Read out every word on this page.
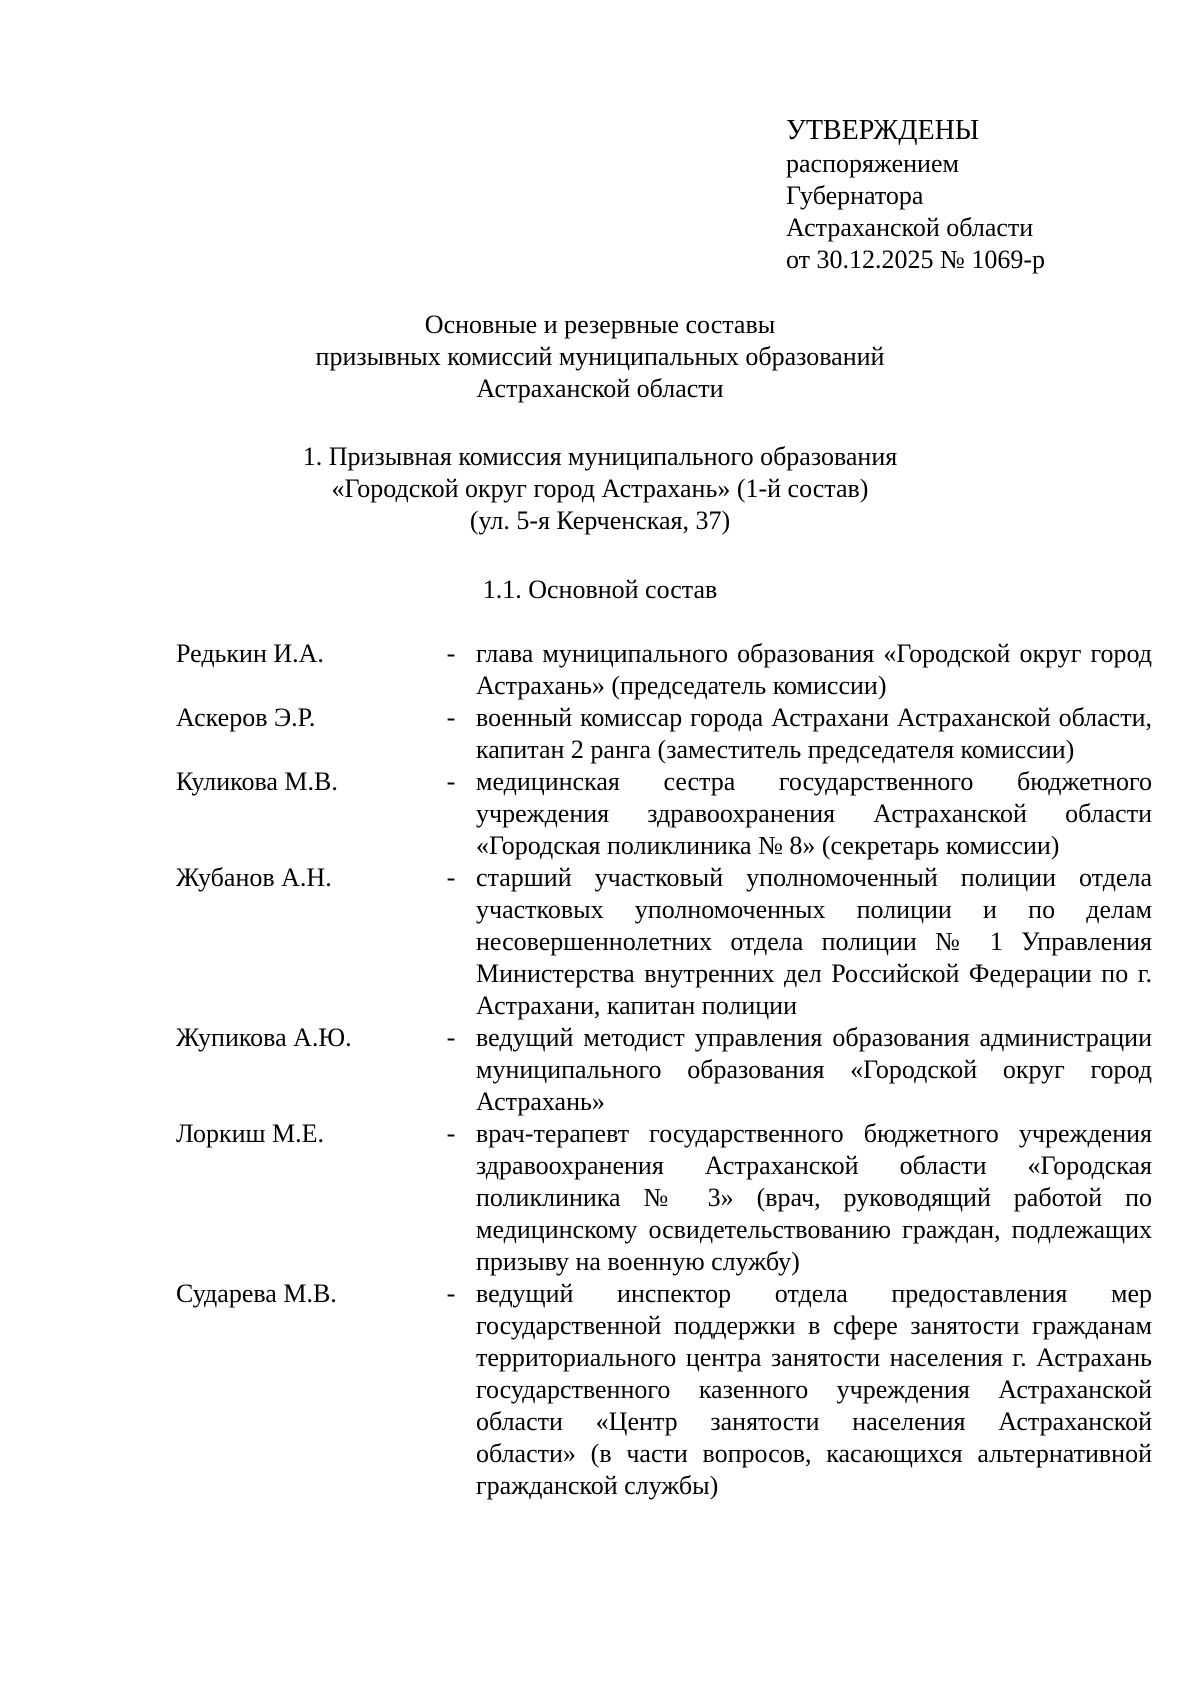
УТВЕРЖДЕНЫ
распоряжением
Губернатора
Астраханской области
от 30.12.2025 № 1069-р
Основные и резервные составы
призывных комиссий муниципальных образований
Астраханской области
1. Призывная комиссия муниципального образования
«Городской округ город Астрахань» (1-й состав)
(ул. 5-я Керченская, 37)
1.1. Основной состав
Редькин И.А.	- глава муниципального образования «Городской округ город Астрахань» (председатель комиссии)
Аскеров Э.Р.	- военный комиссар города Астрахани Астраханской области, капитан 2 ранга (заместитель председателя комиссии)
Куликова М.В.	- медицинская сестра государственного бюджетного учреждения здравоохранения Астраханской области «Городская поликлиника № 8» (секретарь комиссии)
Жубанов А.Н.	- старший участковый уполномоченный полиции отдела участковых уполномоченных полиции и по делам несовершеннолетних отдела полиции № 1 Управления Министерства внутренних дел Российской Федерации по г. Астрахани, капитан полиции
Жупикова А.Ю.	- ведущий методист управления образования администрации муниципального образования «Городской округ город Астрахань»
Лоркиш М.Е.	- врач-терапевт государственного бюджетного учреждения здравоохранения Астраханской области «Городская поликлиника № 3» (врач, руководящий работой по медицинскому освидетельствованию граждан, подлежащих призыву на военную службу)
Сударева М.В.	- ведущий инспектор отдела предоставления мер государственной поддержки в сфере занятости гражданам территориального центра занятости населения г. Астрахань государственного казенного учреждения Астраханской области «Центр занятости населения Астраханской области» (в части вопросов, касающихся альтернативной гражданской службы)
